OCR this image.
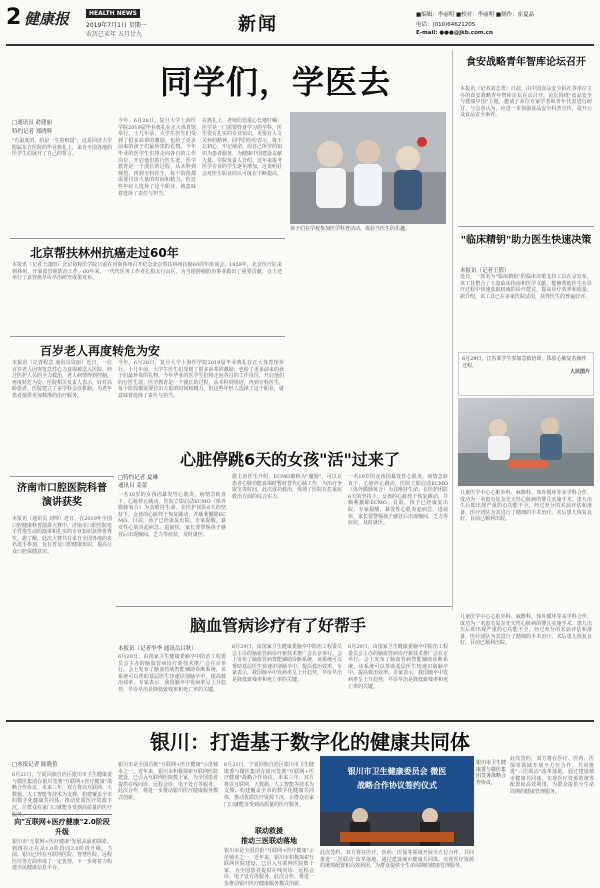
2 健康报	HEALTH NEWS
2019年7月1日 星期一
农历己亥年 五月廿九	新闻	■编辑：李丽明 ■校对：李丽明 ■制作：崔夏晶
电话：(010)64621205
E-mail: ●●●@jkb.com.cn
同学们，学医去
□通讯员 俞建丽
特约记者 郑晓辉
"有温度的，给是一生的财富"，这是同济大学附属东方医院的毕业典礼上，来自全国各地的医学生们展开了自己的誓言。
今年，6月28日，复旦大学上海医学院2019届毕业典礼在正大体育馆举行。十几年前，大学生医生们受到了很多前辈的激励，也给了更多前来的孩子们最珍贵的礼物。今年毕业的医学生们将走向各自的工作岗位，开启他们的行医生涯。医学教育是一个漫长的过程，从本科到规培，再到专科医生，每个阶段都需要付出大量的时间和精力。但这些年轻人选择了这个职业，就意味着选择了责任与担当。
在典礼上，老师们语重心长地叮嘱：医学是一门需要终身学习的学科，医生要有扎实的专业知识，更要有人文关怀的精神。同学们纷纷表示，将不忘初心，牢记使命，用自己所学的知识为患者服务，为健康中国建设贡献力量。学院负责人介绍，近年来报考医学专业的学生逐年增加，这说明社会对医生职业的认可度在不断提高。
孩子们在学校参加医学科普活动，体验当医生的乐趣。
食安战略青年智库论坛召开
本报讯（记者刘志勇）日前，由中国食品安全报社等单位主办的食安战略青年智库论坛在京召开。论坛围绕"食品安全与健康中国"主题，邀请了多位专家学者和青年代表进行研讨。与会者认为，应进一步加强食品安全科普宣传，提升公众食品安全素养。
"临床精钥"助力医生快速决策
本报讯（记者王倩）
近日，一款名为"临床精钥"的临床决策支持工具在京发布。该工具整合了大量临床指南和医学文献，能够帮助医生在诊疗过程中快速获取权威的诊疗建议，提高诊疗效率和质量。据介绍，该工具已在多家医院试用，获得医生的普遍好评。
6月29日，江苏某学生参加急救培训，体验心肺复苏操作过程。
人民图片
儿童医学中心心脏外科、麻醉科、体外循环等多学科合作，成功为一名患有复杂先天性心脏病的婴儿实施手术。患儿出生后即出现严重的心功能不全，经过充分的术前评估和准备，医疗团队为其进行了精细的手术治疗。术后患儿恢复良好，目前已顺利出院。
北京帮扶林州抗癌走过60年
本报讯（记者王潇雨）北京协和医学院日前在河南林州召开纪念北京帮扶林州抗癌60周年座谈会。1959年，北京医疗队来到林州，开展食管癌防治工作，60年来，一代代医务工作者扎根太行山区，为当地肿瘤防治事业做出了重要贡献。会上还举行了食管癌早诊早治研究成果发布。
百岁老人再度转危为安
本报讯（记者程芸 通讯员周丽）近日，一位百岁老人因突发急性心力衰竭被送入医院。经过医护人员的全力救治，老人病情得到控制，再度转危为安。医院相关负责人表示，针对高龄患者，医院建立了多学科会诊机制，为老年患者提供更加精准的治疗服务。
济南市口腔医院科普演讲获奖
本报讯（通讯员 刘帅）近日，在2019年全国口腔健康科普演讲大赛中，济南市口腔医院选手凭借生动的演讲和扎实的专业知识获得优秀奖。据了解，此次大赛共有来自全国各地的多名选手参加，旨在普及口腔健康知识，提高公众口腔保健意识。
今年，6月28日，复旦大学上海医学院2019届毕业典礼在正大体育馆举行。十几年前，大学生医生们受到了很多前辈的激励，也给了更多前来的孩子们最珍贵的礼物。今年毕业的医学生们将走向各自的工作岗位，开启他们的行医生涯。医学教育是一个漫长的过程，从本科到规培，再到专科医生，每个阶段都需要付出大量的时间和精力。但这些年轻人选择了这个职业，就意味着选择了责任与担当。
心脏停跳6天的女孩"活"过来了
□特约记者 夏琳
通讯员 姜蕾
一名10岁的女孩因暴发性心肌炎，病情急转直下，心脏停止跳动。医院立即启动ECMO（体外膜肺氧合）为其维持生命。在医护团队6天的坚持下，女孩的心脏终于恢复跳动，并顺利撤除ECMO。目前，孩子已经康复出院。专家提醒，暴发性心肌炎起病急、进展快，家长要警惕孩子感冒后出现胸闷、乏力等症状，及时就医。
据主治医生介绍，ECMO被称为"魔肺"，可以在患者心肺功能衰竭时暂时替代心肺工作，为治疗争取宝贵时间。此次成功救治，体现了医院在危重症救治方面的综合实力。
一名10岁的女孩因暴发性心肌炎，病情急转直下，心脏停止跳动。医院立即启动ECMO（体外膜肺氧合）为其维持生命。在医护团队6天的坚持下，女孩的心脏终于恢复跳动，并顺利撤除ECMO。目前，孩子已经康复出院。专家提醒，暴发性心肌炎起病急、进展快，家长要警惕孩子感冒后出现胸闷、乏力等症状，及时就医。
脑血管病诊疗有了好帮手
本报讯（记者李季 通讯员吕秋）
6月29日，由国家卫生健康委脑卒中防治工程委员会主办的脑血管病诊疗新技术推广会在京举行。会上发布了脑血管病智能辅助诊断系统，该系统可以帮助基层医生快速识别脑卒中，提高救治效率。专家表示，我国脑卒中发病率呈上升趋势，早诊早治是降低致残率和死亡率的关键。
6月29日，由国家卫生健康委脑卒中防治工程委员会主办的脑血管病诊疗新技术推广会在京举行。会上发布了脑血管病智能辅助诊断系统，该系统可以帮助基层医生快速识别脑卒中，提高救治效率。专家表示，我国脑卒中发病率呈上升趋势，早诊早治是降低致残率和死亡率的关键。
6月29日，由国家卫生健康委脑卒中防治工程委员会主办的脑血管病诊疗新技术推广会在京举行。会上发布了脑血管病智能辅助诊断系统，该系统可以帮助基层医生快速识别脑卒中，提高救治效率。专家表示，我国脑卒中发病率呈上升趋势，早诊早治是降低致残率和死亡率的关键。
儿童医学中心心脏外科、麻醉科、体外循环等多学科合作，成功为一名患有复杂先天性心脏病的婴儿实施手术。患儿出生后即出现严重的心功能不全，经过充分的术前评估和准备，医疗团队为其进行了精细的手术治疗。术后患儿恢复良好，目前已顺利出院。
银川：打造基于数字化的健康共同体
□本报记者 陈晓蓓
6月21日，宁夏回族自治区银川市卫生健康委与微医集团在银川签署"互联网+医疗健康"战略合作协议。未来三年，双方将以互联网、大数据、人工智能等技术为支撑，构建覆盖全市的数字化健康共同体，推动优质医疗资源下沉，让群众在家门口就能享受到高质量的医疗服务。
向"互联网+医疗健康"2.0阶段升级
银川市"互联网+医疗健康"发展从最初探索，到现在正在从1.0阶段向2.0阶段升级。当前，银川已经在互联网医院、智慧医院、远程医疗等方面形成了一定优势，下一步将着力构建全民健康信息平台。
银川市是全国首批"互联网+医疗健康"示范城市之一。近年来，银川市积极探索互联网医院建设，已引入互联网医院数十家，为全国患者提供在线问诊、远程会诊、电子处方等服务。此次合作，将进一步推动银川医疗健康服务模式创新。
6月21日，宁夏回族自治区银川市卫生健康委与微医集团在银川签署"互联网+医疗健康"战略合作协议。未来三年，双方将以互联网、大数据、人工智能等技术为支撑，构建覆盖全市的数字化健康共同体，推动优质医疗资源下沉，让群众在家门口就能享受到高质量的医疗服务。
联动救援
推动三医联动落地
银川市是全国首批"互联网+医疗健康"示范城市之一。近年来，银川市积极探索互联网医院建设，已引入互联网医院数十家，为全国患者提供在线问诊、远程会诊、电子处方等服务。此次合作，将进一步推动银川医疗健康服务模式创新。
银川市卫生健康委员会 微医
战略合作协议签约仪式
银川市卫生健康委与微医集团签署战略合作协议。
此次签约，双方将在医疗、医药、医保等领域开展全方位合作，共同推进"三医联动"改革落地。通过建设城市健康共同体，实现医疗资源的统筹配置和高效利用，为群众提供全生命周期的健康管理服务。
此次签约，双方将在医疗、医药、医保等领域开展全方位合作，共同推进"三医联动"改革落地。通过建设城市健康共同体，实现医疗资源的统筹配置和高效利用，为群众提供全生命周期的健康管理服务。
